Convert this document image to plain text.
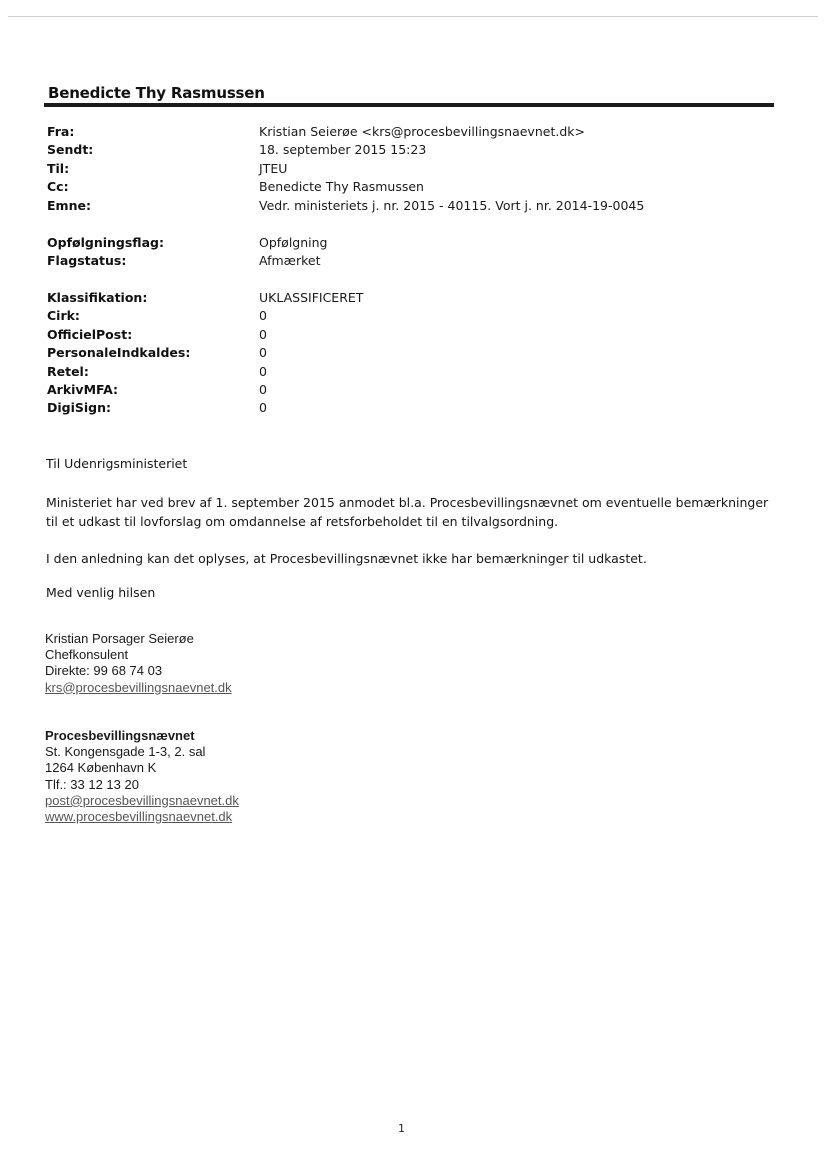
Benedicte Thy Rasmussen
Fra:	Kristian Seierøe <krs@procesbevillingsnaevnet.dk>
Sendt:	18. september 2015 15:23
Til:	JTEU
Cc:	Benedicte Thy Rasmussen
Emne:	Vedr. ministeriets j. nr. 2015 - 40115. Vort j. nr. 2014-19-0045
Opfølgningsflag:	Opfølgning
Flagstatus:	Afmærket
Klassifikation:	UKLASSIFICERET
Cirk:	0
OfficielPost:	0
PersonaleIndkaldes:	0
Retel:	0
ArkivMFA:	0
DigiSign:	0
Til Udenrigsministeriet
Ministeriet har ved brev af 1. september 2015 anmodet bl.a. Procesbevillingsnævnet om eventuelle bemærkninger
til et udkast til lovforslag om omdannelse af retsforbeholdet til en tilvalgsordning.
I den anledning kan det oplyses, at Procesbevillingsnævnet ikke har bemærkninger til udkastet.
Med venlig hilsen
Kristian Porsager Seierøe
Chefkonsulent
Direkte: 99 68 74 03
krs@procesbevillingsnaevnet.dk
Procesbevillingsnævnet
St. Kongensgade 1-3, 2. sal
1264 København K
Tlf.: 33 12 13 20
post@procesbevillingsnaevnet.dk
www.procesbevillingsnaevnet.dk
1
